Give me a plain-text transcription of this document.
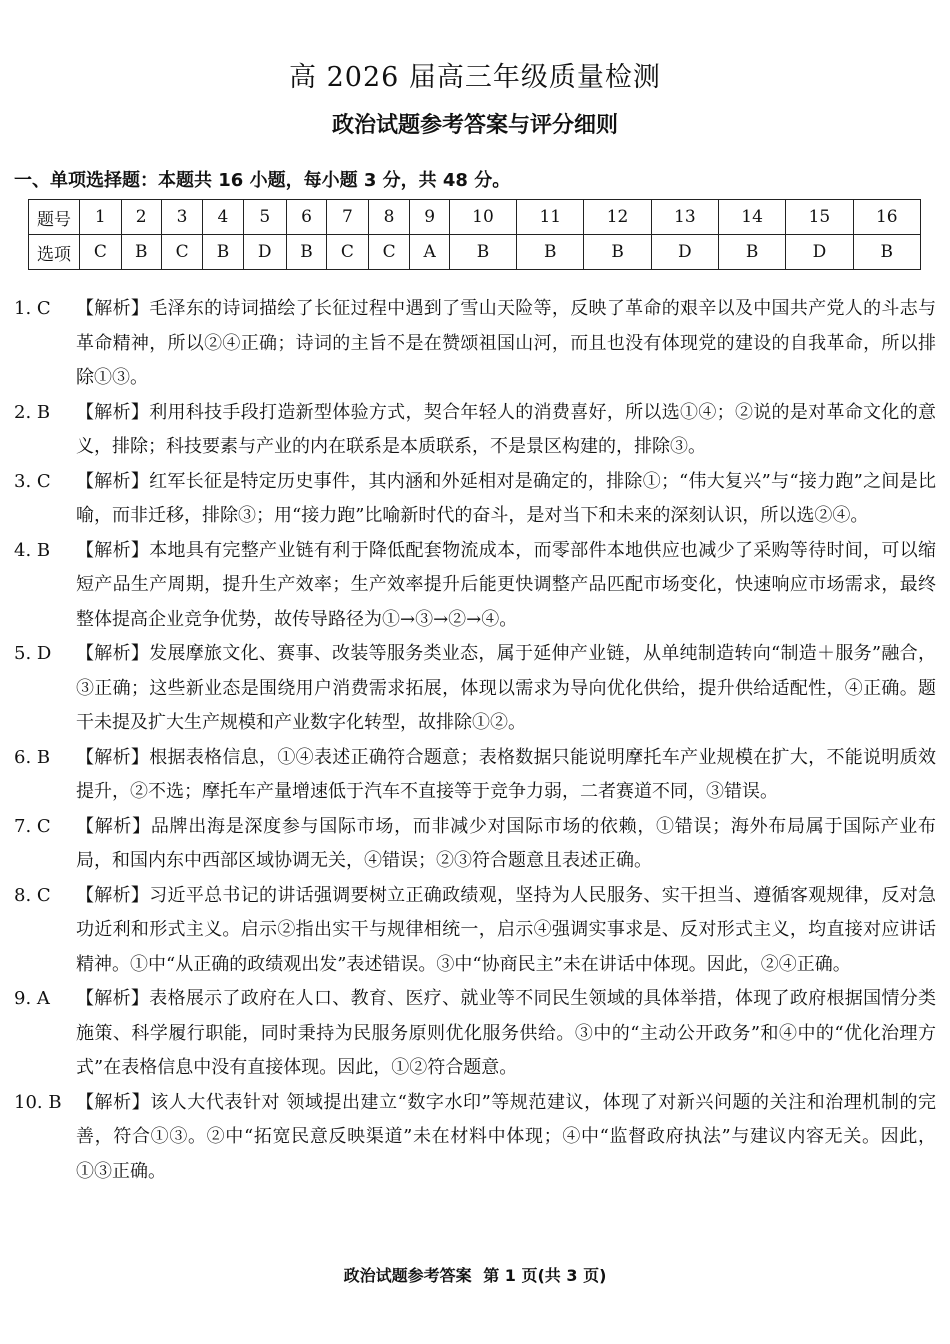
高 2026 届高三年级质量检测
政治试题参考答案与评分细则
一、单项选择题：本题共 16 小题，每小题 3 分，共 48 分。
题号	1	2	3	4	5	6	7	8	9	10	11	12	13	14	15	16
选项	C	B	C	B	D	B	C	C	A	B	B	B	D	B	D	B
1. C	【解析】毛泽东的诗词描绘了长征过程中遇到了雪山天险等，反映了革命的艰辛以及中国共产党人的斗志与革命精神，所以②④正确；诗词的主旨不是在赞颂祖国山河，而且也没有体现党的建设的自我革命，所以排除①③。
2. B	【解析】利用科技手段打造新型体验方式，契合年轻人的消费喜好，所以选①④；②说的是对革命文化的意义，排除；科技要素与产业的内在联系是本质联系，不是景区构建的，排除③。
3. C	【解析】红军长征是特定历史事件，其内涵和外延相对是确定的，排除①；“伟大复兴”与“接力跑”之间是比喻，而非迁移，排除③；用“接力跑”比喻新时代的奋斗，是对当下和未来的深刻认识，所以选②④。
4. B	【解析】本地具有完整产业链有利于降低配套物流成本，而零部件本地供应也减少了采购等待时间，可以缩短产品生产周期，提升生产效率；生产效率提升后能更快调整产品匹配市场变化，快速响应市场需求，最终整体提高企业竞争优势，故传导路径为①→③→②→④。
5. D	【解析】发展摩旅文化、赛事、改装等服务类业态，属于延伸产业链，从单纯制造转向“制造＋服务”融合，③正确；这些新业态是围绕用户消费需求拓展，体现以需求为导向优化供给，提升供给适配性，④正确。题干未提及扩大生产规模和产业数字化转型，故排除①②。
6. B	【解析】根据表格信息，①④表述正确符合题意；表格数据只能说明摩托车产业规模在扩大，不能说明质效提升，②不选；摩托车产量增速低于汽车不直接等于竞争力弱，二者赛道不同，③错误。
7. C	【解析】品牌出海是深度参与国际市场，而非减少对国际市场的依赖，①错误；海外布局属于国际产业布局，和国内东中西部区域协调无关，④错误；②③符合题意且表述正确。
8. C	【解析】习近平总书记的讲话强调要树立正确政绩观，坚持为人民服务、实干担当、遵循客观规律，反对急功近利和形式主义。启示②指出实干与规律相统一，启示④强调实事求是、反对形式主义，均直接对应讲话精神。①中“从正确的政绩观出发”表述错误。③中“协商民主”未在讲话中体现。因此，②④正确。
9. A	【解析】表格展示了政府在人口、教育、医疗、就业等不同民生领域的具体举措，体现了政府根据国情分类施策、科学履行职能，同时秉持为民服务原则优化服务供给。③中的“主动公开政务”和④中的“优化治理方式”在表格信息中没有直接体现。因此，①②符合题意。
10. B 【解析】该人大代表针对 领域提出建立“数字水印”等规范建议，体现了对新兴问题的关注和治理机制的完善，符合①③。②中“拓宽民意反映渠道”未在材料中体现；④中“监督政府执法”与建议内容无关。因此，①③正确。
政治试题参考答案 第 1 页(共 3 页)
